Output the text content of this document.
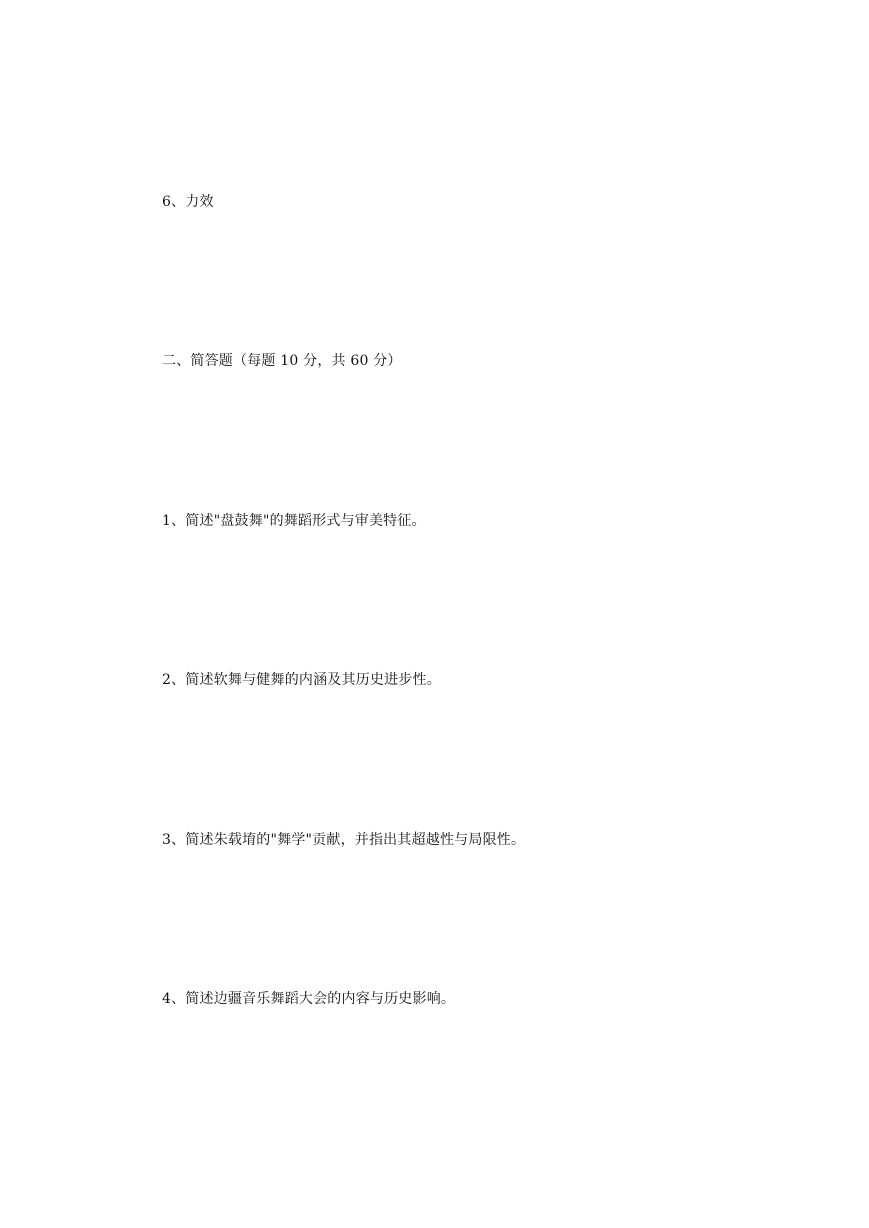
6、力效
二、简答题（每题 10 分，共 60 分）
1、简述"盘鼓舞"的舞蹈形式与审美特征。
2、简述软舞与健舞的内涵及其历史进步性。
3、简述朱载堉的"舞学"贡献，并指出其超越性与局限性。
4、简述边疆音乐舞蹈大会的内容与历史影响。
